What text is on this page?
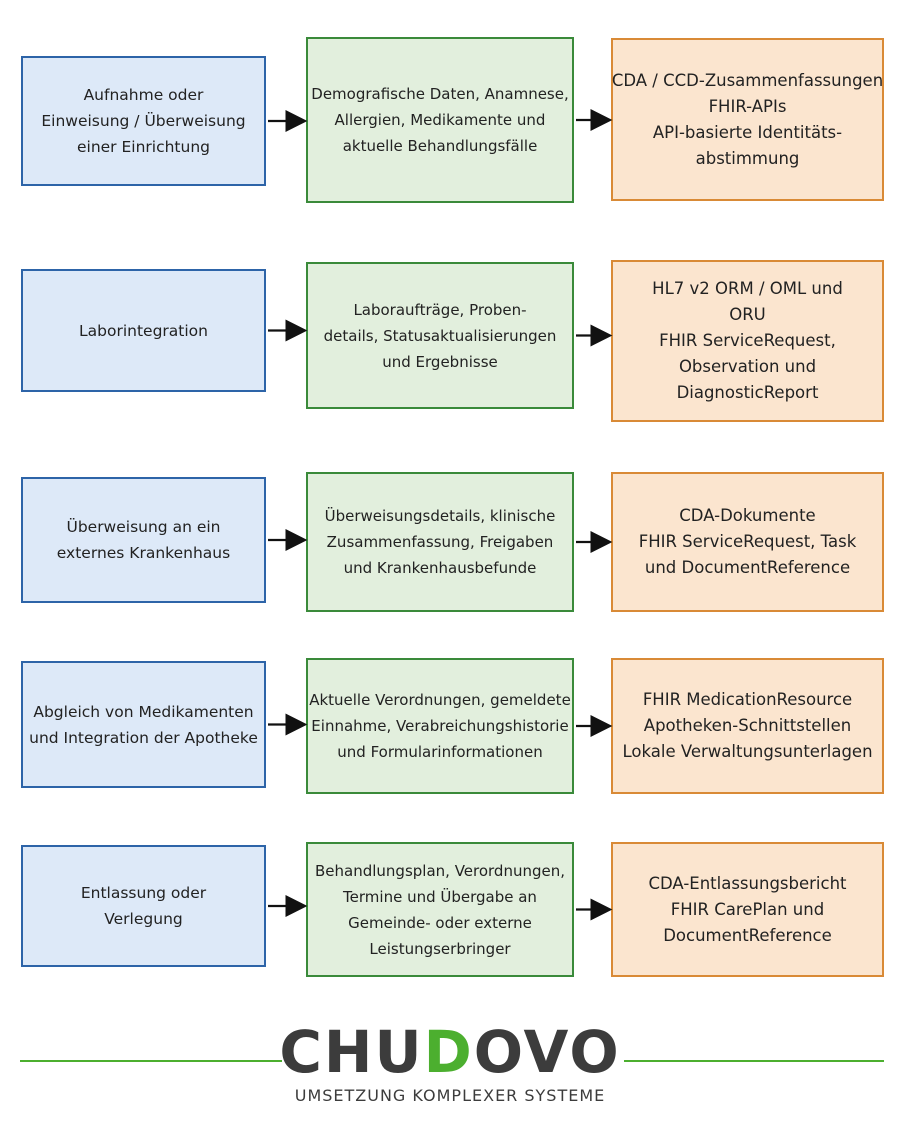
Aufnahme oder
Einweisung / Überweisung
einer Einrichtung
Demografische Daten, Anamnese,
Allergien, Medikamente und
aktuelle Behandlungsfälle
CDA / CCD-Zusammenfassungen
FHIR-APIs
API-basierte Identitäts-
abstimmung
Laborintegration
Laboraufträge, Proben-
details, Statusaktualisierungen
und Ergebnisse
HL7 v2 ORM / OML und
ORU
FHIR ServiceRequest,
Observation und
DiagnosticReport
Überweisung an ein
externes Krankenhaus
Überweisungsdetails, klinische
Zusammenfassung, Freigaben
und Krankenhausbefunde
CDA-Dokumente
FHIR ServiceRequest, Task
und DocumentReference
Abgleich von Medikamenten
und Integration der Apotheke
Aktuelle Verordnungen, gemeldete
Einnahme, Verabreichungshistorie
und Formularinformationen
FHIR MedicationResource
Apotheken-Schnittstellen
Lokale Verwaltungsunterlagen
Entlassung oder
Verlegung
Behandlungsplan, Verordnungen,
Termine und Übergabe an
Gemeinde- oder externe
Leistungserbringer
CDA-Entlassungsbericht
FHIR CarePlan und
DocumentReference
CHUDOVO
UMSETZUNG KOMPLEXER SYSTEME
